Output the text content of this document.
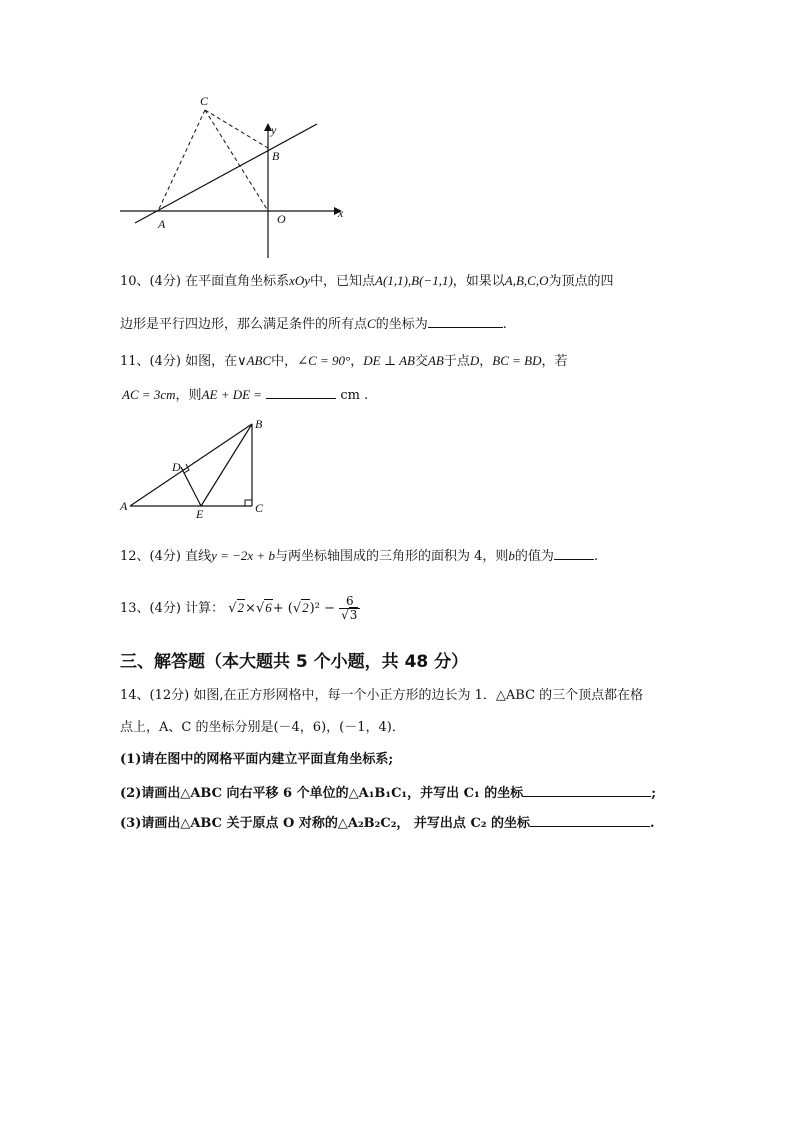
C
y
B
A	O	x
10、(4分) 在平面直角坐标系xOy中，已知点A(1,1),B(−1,1)，如果以A,B,C,O为顶点的四
边形是平行四边形，那么满足条件的所有点C的坐标为	.
11、(4分) 如图，在∨ABC中，∠C = 90°，DE ⊥ AB交AB于点D，BC = BD，若
AC = 3cm，则AE + DE =	cm .
B
D
A
E	C
12、(4分) 直线y = −2x + b与两坐标轴围成的三角形的面积为 4，则b的值为	.
13、(4分) 计算： $√2\times√6+ (√2)^2 - \frac{6}{√3}$
三、解答题（本大题共 5 个小题，共 48 分）
14、(12分) 如图,在正方形网格中，每一个小正方形的边长为 1．△ABC 的三个顶点都在格
点上，A、C 的坐标分别是(－4，6)，(－1，4)．
(1)请在图中的网格平面内建立平面直角坐标系;
(2)请画出△ABC 向右平移 6 个单位的△A₁B₁C₁，并写出 C₁ 的坐标	;
(3)请画出△ABC 关于原点 O 对称的△A₂B₂C₂， 并写出点 C₂ 的坐标	.
